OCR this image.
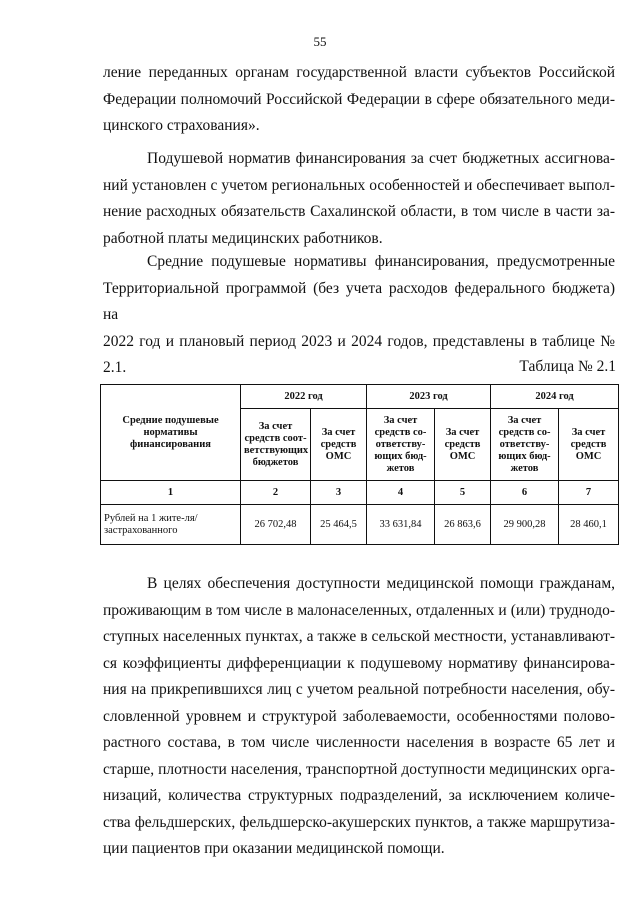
55
ление переданных органам государственной власти субъектов Российской
Федерации полномочий Российской Федерации в сфере обязательного меди-
цинского страхования».
Подушевой норматив финансирования за счет бюджетных ассигнова-
ний установлен с учетом региональных особенностей и обеспечивает выпол-
нение расходных обязательств Сахалинской области, в том числе в части за-
работной платы медицинских работников.
Средние подушевые нормативы финансирования, предусмотренные
Территориальной программой (без учета расходов федерального бюджета) на
2022 год и плановый период 2023 и 2024 годов, представлены в таблице №
2.1.	Таблица № 2.1
Средние подушевые нормативы финансирования	2022 год		2023 год		2024 год	
	За счет средств соот-ветствующих бюджетов	За счет средств ОМС	За счет средств со-ответству-ющих бюд-жетов	За счет средств ОМС	За счет средств со-ответству-ющих бюд-жетов	За счет средств ОМС
1	2	3	4	5	6	7
Рублей на 1 жите-ля/застрахованного	26 702,48	25 464,5	33 631,84	26 863,6	29 900,28	28 460,1
В целях обеспечения доступности медицинской помощи гражданам,
проживающим в том числе в малонаселенных, отдаленных и (или) труднодо-
ступных населенных пунктах, а также в сельской местности, устанавливают-
ся коэффициенты дифференциации к подушевому нормативу финансирова-
ния на прикрепившихся лиц с учетом реальной потребности населения, обу-
словленной уровнем и структурой заболеваемости, особенностями полово-
растного состава, в том числе численности населения в возрасте 65 лет и
старше, плотности населения, транспортной доступности медицинских орга-
низаций, количества структурных подразделений, за исключением количе-
ства фельдшерских, фельдшерско-акушерских пунктов, а также маршрутиза-
ции пациентов при оказании медицинской помощи.
